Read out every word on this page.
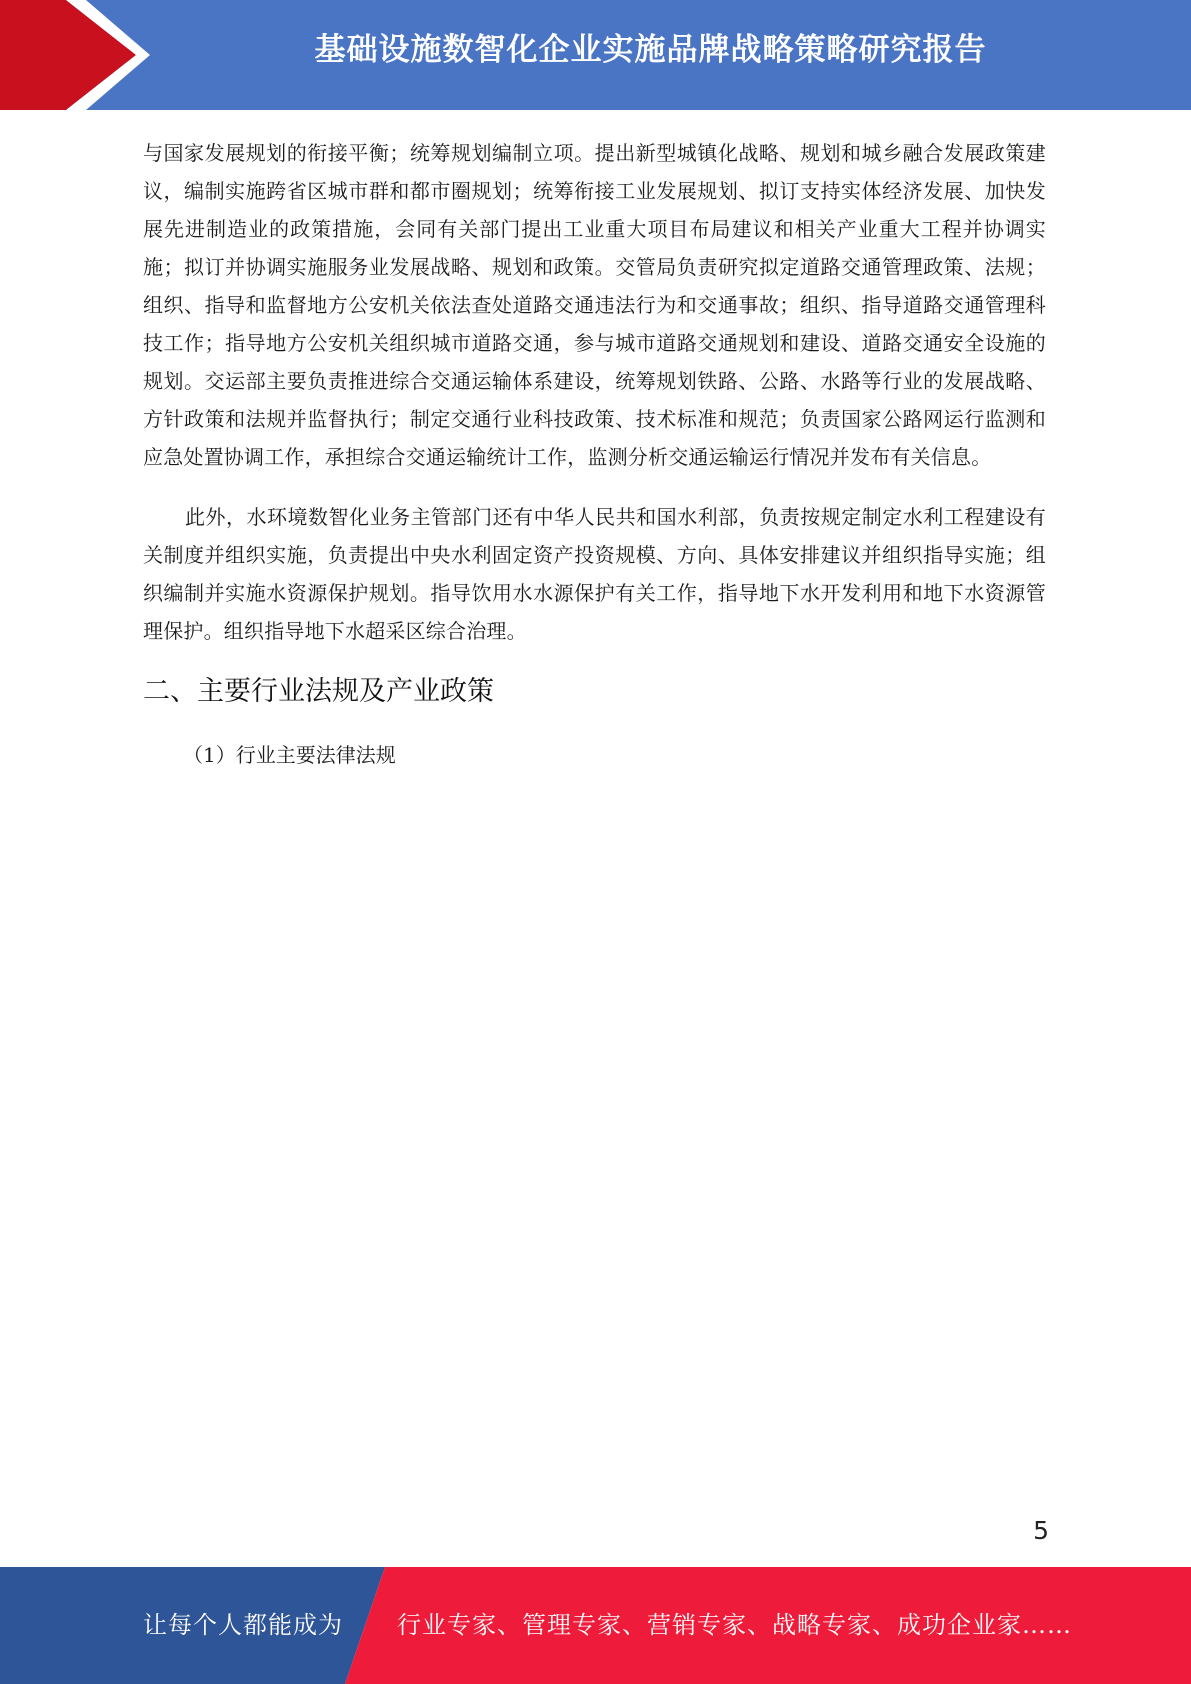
基础设施数智化企业实施品牌战略策略研究报告

与国家发展规划的衔接平衡；统筹规划编制立项。提出新型城镇化战略、规划和城乡融合发展政策建议，编制实施跨省区城市群和都市圈规划；统筹衔接工业发展规划、拟订支持实体经济发展、加快发展先进制造业的政策措施，会同有关部门提出工业重大项目布局建议和相关产业重大工程并协调实施；拟订并协调实施服务业发展战略、规划和政策。交管局负责研究拟定道路交通管理政策、法规；组织、指导和监督地方公安机关依法查处道路交通违法行为和交通事故；组织、指导道路交通管理科技工作；指导地方公安机关组织城市道路交通，参与城市道路交通规划和建设、道路交通安全设施的规划。交运部主要负责推进综合交通运输体系建设，统筹规划铁路、公路、水路等行业的发展战略、方针政策和法规并监督执行；制定交通行业科技政策、技术标准和规范；负责国家公路网运行监测和应急处置协调工作，承担综合交通运输统计工作，监测分析交通运输运行情况并发布有关信息。

此外，水环境数智化业务主管部门还有中华人民共和国水利部，负责按规定制定水利工程建设有关制度并组织实施，负责提出中央水利固定资产投资规模、方向、具体安排建议并组织指导实施；组织编制并实施水资源保护规划。指导饮用水水源保护有关工作，指导地下水开发利用和地下水资源管理保护。组织指导地下水超采区综合治理。

二、主要行业法规及产业政策
（1）行业主要法律法规
5
让每个人都能成为 行业专家、管理专家、营销专家、战略专家、成功企业家……
